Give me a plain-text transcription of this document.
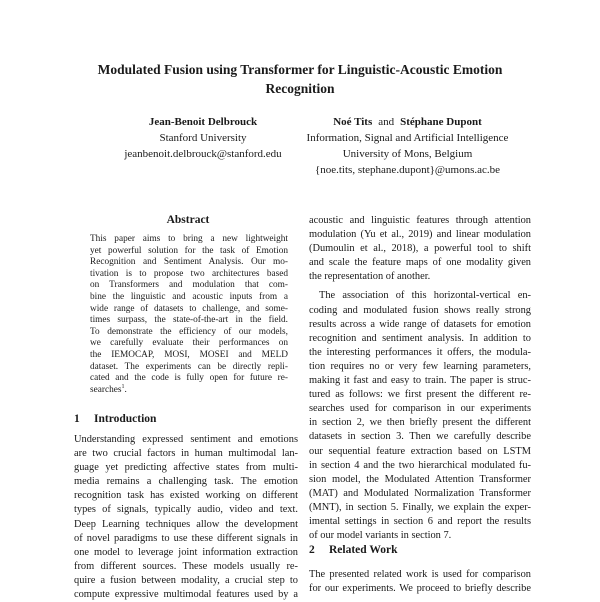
Modulated Fusion using Transformer for Linguistic-Acoustic Emotion
Recognition
Jean-Benoit Delbrouck
Stanford University
jeanbenoit.delbrouck@stanford.edu
Noé Tits and Stéphane Dupont
Information, Signal and Artificial Intelligence
University of Mons, Belgium
{noe.tits, stephane.dupont}@umons.ac.be
Abstract
This paper aims to bring a new lightweight
yet powerful solution for the task of Emotion
Recognition and Sentiment Analysis. Our mo-
tivation is to propose two architectures based
on Transformers and modulation that com-
bine the linguistic and acoustic inputs from a
wide range of datasets to challenge, and some-
times surpass, the state-of-the-art in the field.
To demonstrate the efficiency of our models,
we carefully evaluate their performances on
the IEMOCAP, MOSI, MOSEI and MELD
dataset. The experiments can be directly repli-
cated and the code is fully open for future re-
searches$^1$.
1 Introduction
Understanding expressed sentiment and emotions
are two crucial factors in human multimodal lan-
guage yet predicting affective states from multi-
media remains a challenging task. The emotion
recognition task has existed working on different
types of signals, typically audio, video and text.
Deep Learning techniques allow the development
of novel paradigms to use these different signals in
one model to leverage joint information extraction
from different sources. These models usually re-
quire a fusion between modality, a crucial step to
compute expressive multimodal features used by a
acoustic and linguistic features through attention
modulation (Yu et al., 2019) and linear modulation
(Dumoulin et al., 2018), a powerful tool to shift
and scale the feature maps of one modality given
the representation of another.
The association of this horizontal-vertical en-
coding and modulated fusion shows really strong
results across a wide range of datasets for emotion
recognition and sentiment analysis. In addition to
the interesting performances it offers, the modula-
tion requires no or very few learning parameters,
making it fast and easy to train. The paper is struc-
tured as follows: we first present the different re-
searches used for comparison in our experiments
in section 2, we then briefly present the different
datasets in section 3. Then we carefully describe
our sequential feature extraction based on LSTM
in section 4 and the two hierarchical modulated fu-
sion model, the Modulated Attention Transformer
(MAT) and Modulated Normalization Transformer
(MNT), in section 5. Finally, we explain the exper-
imental settings in section 6 and report the results
of our model variants in section 7.
2 Related Work
The presented related work is used for comparison
for our experiments. We proceed to briefly describe
